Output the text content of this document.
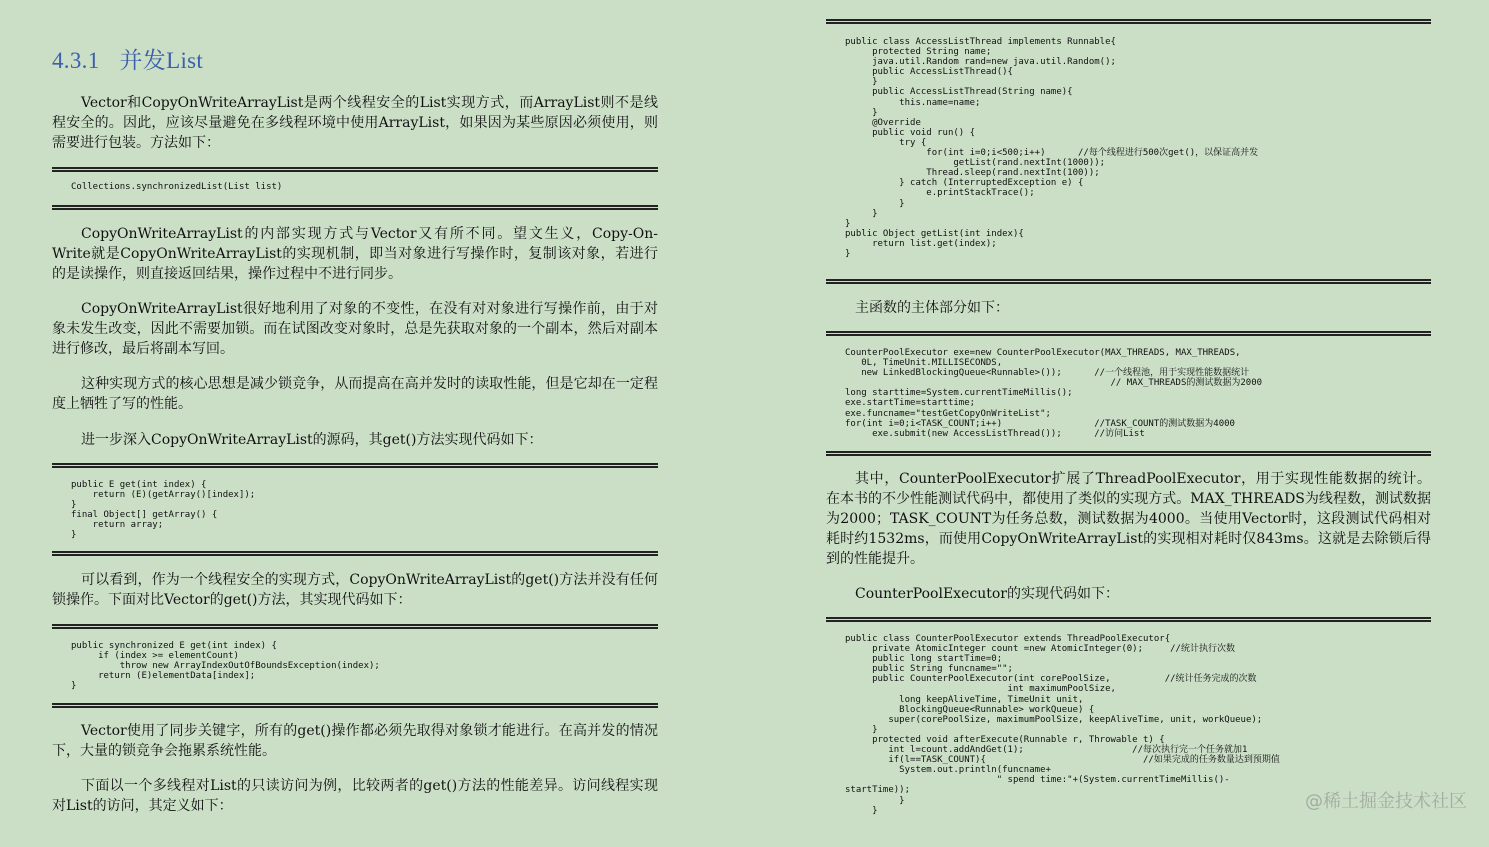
4.3.1 并发List

Vector和CopyOnWriteArrayList是两个线程安全的List实现方式，而ArrayList则不是线程安全的。因此，应该尽量避免在多线程环境中使用ArrayList，如果因为某些原因必须使用，则需要进行包装。方法如下：

Collections.synchronizedList(List list)

CopyOnWriteArrayList的内部实现方式与Vector又有所不同。望文生义，Copy-On-Write就是CopyOnWriteArrayList的实现机制，即当对象进行写操作时，复制该对象，若进行的是读操作，则直接返回结果，操作过程中不进行同步。

CopyOnWriteArrayList很好地利用了对象的不变性，在没有对对象进行写操作前，由于对象未发生改变，因此不需要加锁。而在试图改变对象时，总是先获取对象的一个副本，然后对副本进行修改，最后将副本写回。

这种实现方式的核心思想是减少锁竞争，从而提高在高并发时的读取性能，但是它却在一定程度上牺牲了写的性能。

进一步深入CopyOnWriteArrayList的源码，其get()方法实现代码如下：

public E get(int index) {
return (E)(getArray()[index]);
}
final Object[] getArray() {
return array;
}

可以看到，作为一个线程安全的实现方式，CopyOnWriteArrayList的get()方法并没有任何锁操作。下面对比Vector的get()方法，其实现代码如下：

public synchronized E get(int index) {
if (index >= elementCount)
throw new ArrayIndexOutOfBoundsException(index);
return (E)elementData[index];
}

Vector使用了同步关键字，所有的get()操作都必须先取得对象锁才能进行。在高并发的情况下，大量的锁竞争会拖累系统性能。

下面以一个多线程对List的只读访问为例，比较两者的get()方法的性能差异。访问线程实现对List的访问，其定义如下：

public class AccessListThread implements Runnable{
protected String name;
java.util.Random rand=new java.util.Random();
public AccessListThread(){
}
public AccessListThread(String name){
this.name=name;
}
@Override
public void run() {
try {
for(int i=0;i<500;i++)      //每个线程进行500次get()，以保证高并发
getList(rand.nextInt(1000));
Thread.sleep(rand.nextInt(100));
} catch (InterruptedException e) {
e.printStackTrace();
}
}
}
public Object getList(int index){
return list.get(index);
}

主函数的主体部分如下：

CounterPoolExecutor exe=new CounterPoolExecutor(MAX_THREADS, MAX_THREADS,
0L, TimeUnit.MILLISECONDS,
new LinkedBlockingQueue<Runnable>());      //一个线程池，用于实现性能数据统计
// MAX_THREADS的测试数据为2000
long starttime=System.currentTimeMillis();
exe.startTime=starttime;
exe.funcname="testGetCopyOnWriteList";
for(int i=0;i<TASK_COUNT;i++)                 //TASK_COUNT的测试数据为4000
exe.submit(new AccessListThread());      //访问List

其中，CounterPoolExecutor扩展了ThreadPoolExecutor，用于实现性能数据的统计。在本书的不少性能测试代码中，都使用了类似的实现方式。MAX_THREADS为线程数，测试数据为2000；TASK_COUNT为任务总数，测试数据为4000。当使用Vector时，这段测试代码相对耗时约1532ms，而使用CopyOnWriteArrayList的实现相对耗时仅843ms。这就是去除锁后得到的性能提升。

CounterPoolExecutor的实现代码如下：

public class CounterPoolExecutor extends ThreadPoolExecutor{
private AtomicInteger count =new AtomicInteger(0);     //统计执行次数
public long startTime=0;
public String funcname="";
public CounterPoolExecutor(int corePoolSize,          //统计任务完成的次数
int maximumPoolSize,
long keepAliveTime, TimeUnit unit,
BlockingQueue<Runnable> workQueue) {
super(corePoolSize, maximumPoolSize, keepAliveTime, unit, workQueue);
}
protected void afterExecute(Runnable r, Throwable t) {
int l=count.addAndGet(1);                    //每次执行完一个任务就加1
if(l==TASK_COUNT){                             //如果完成的任务数量达到预期值
System.out.println(funcname+
" spend time:"+(System.currentTimeMillis()-
startTime));
}
}	@稀土掘金技术社区
